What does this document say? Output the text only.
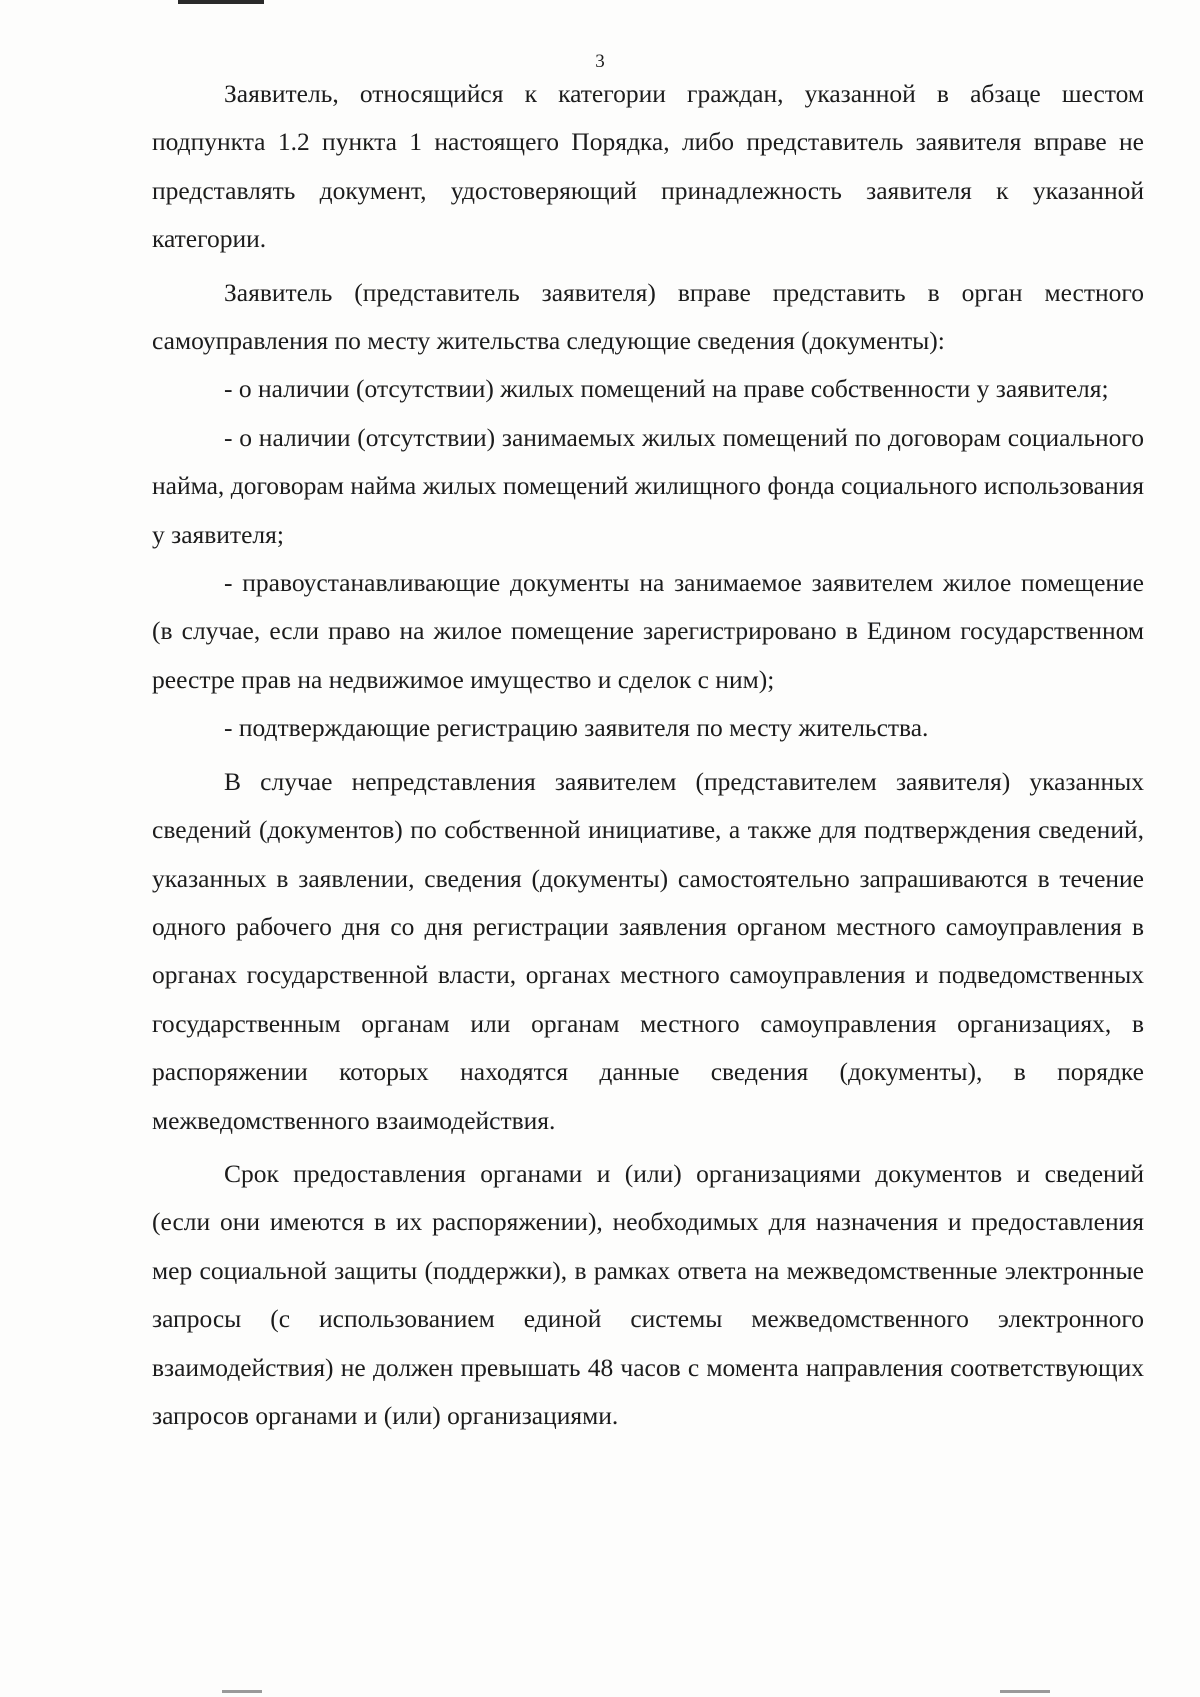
3

Заявитель, относящийся к категории граждан, указанной в абзаце шестом подпункта 1.2 пункта 1 настоящего Порядка, либо представитель заявителя вправе не представлять документ, удостоверяющий принадлежность заявителя к указанной категории.

Заявитель (представитель заявителя) вправе представить в орган местного самоуправления по месту жительства следующие сведения (документы):

- о наличии (отсутствии) жилых помещений на праве собственности у заявителя;

- о наличии (отсутствии) занимаемых жилых помещений по договорам социального найма, договорам найма жилых помещений жилищного фонда социального использования у заявителя;

- правоустанавливающие документы на занимаемое заявителем жилое помещение (в случае, если право на жилое помещение зарегистрировано в Едином государственном реестре прав на недвижимое имущество и сделок с ним);

- подтверждающие регистрацию заявителя по месту жительства.

В случае непредставления заявителем (представителем заявителя) указанных сведений (документов) по собственной инициативе, а также для подтверждения сведений, указанных в заявлении, сведения (документы) самостоятельно запрашиваются в течение одного рабочего дня со дня регистрации заявления органом местного самоуправления в органах государственной власти, органах местного самоуправления и подведомственных государственным органам или органам местного самоуправления организациях, в распоряжении которых находятся данные сведения (документы), в порядке межведомственного взаимодействия.

Срок предоставления органами и (или) организациями документов и сведений (если они имеются в их распоряжении), необходимых для назначения и предоставления мер социальной защиты (поддержки), в рамках ответа на межведомственные электронные запросы (с использованием единой системы межведомственного электронного взаимодействия) не должен превышать 48 часов с момента направления соответствующих запросов органами и (или) организациями.
